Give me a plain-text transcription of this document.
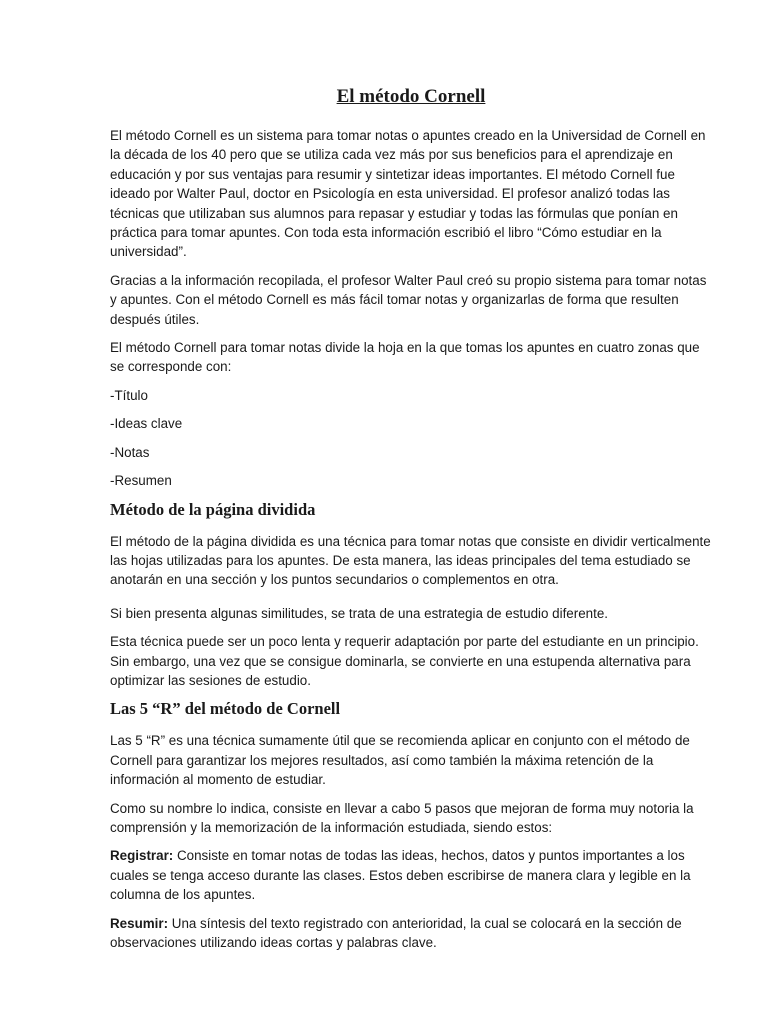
El método Cornell

El método Cornell es un sistema para tomar notas o apuntes creado en la Universidad de Cornell en la década de los 40 pero que se utiliza cada vez más por sus beneficios para el aprendizaje en educación y por sus ventajas para resumir y sintetizar ideas importantes. El método Cornell fue ideado por Walter Paul, doctor en Psicología en esta universidad. El profesor analizó todas las técnicas que utilizaban sus alumnos para repasar y estudiar y todas las fórmulas que ponían en práctica para tomar apuntes. Con toda esta información escribió el libro “Cómo estudiar en la universidad”.

Gracias a la información recopilada, el profesor Walter Paul creó su propio sistema para tomar notas y apuntes. Con el método Cornell es más fácil tomar notas y organizarlas de forma que resulten después útiles.

El método Cornell para tomar notas divide la hoja en la que tomas los apuntes en cuatro zonas que se corresponde con:

-Título

-Ideas clave

-Notas

-Resumen

Método de la página dividida

El método de la página dividida es una técnica para tomar notas que consiste en dividir verticalmente las hojas utilizadas para los apuntes. De esta manera, las ideas principales del tema estudiado se anotarán en una sección y los puntos secundarios o complementos en otra.

Si bien presenta algunas similitudes, se trata de una estrategia de estudio diferente.

Esta técnica puede ser un poco lenta y requerir adaptación por parte del estudiante en un principio. Sin embargo, una vez que se consigue dominarla, se convierte en una estupenda alternativa para optimizar las sesiones de estudio.

Las 5 “R” del método de Cornell

Las 5 “R” es una técnica sumamente útil que se recomienda aplicar en conjunto con el método de Cornell para garantizar los mejores resultados, así como también la máxima retención de la información al momento de estudiar.

Como su nombre lo indica, consiste en llevar a cabo 5 pasos que mejoran de forma muy notoria la comprensión y la memorización de la información estudiada, siendo estos:

Registrar: Consiste en tomar notas de todas las ideas, hechos, datos y puntos importantes a los cuales se tenga acceso durante las clases. Estos deben escribirse de manera clara y legible en la columna de los apuntes.

Resumir: Una síntesis del texto registrado con anterioridad, la cual se colocará en la sección de observaciones utilizando ideas cortas y palabras clave.
